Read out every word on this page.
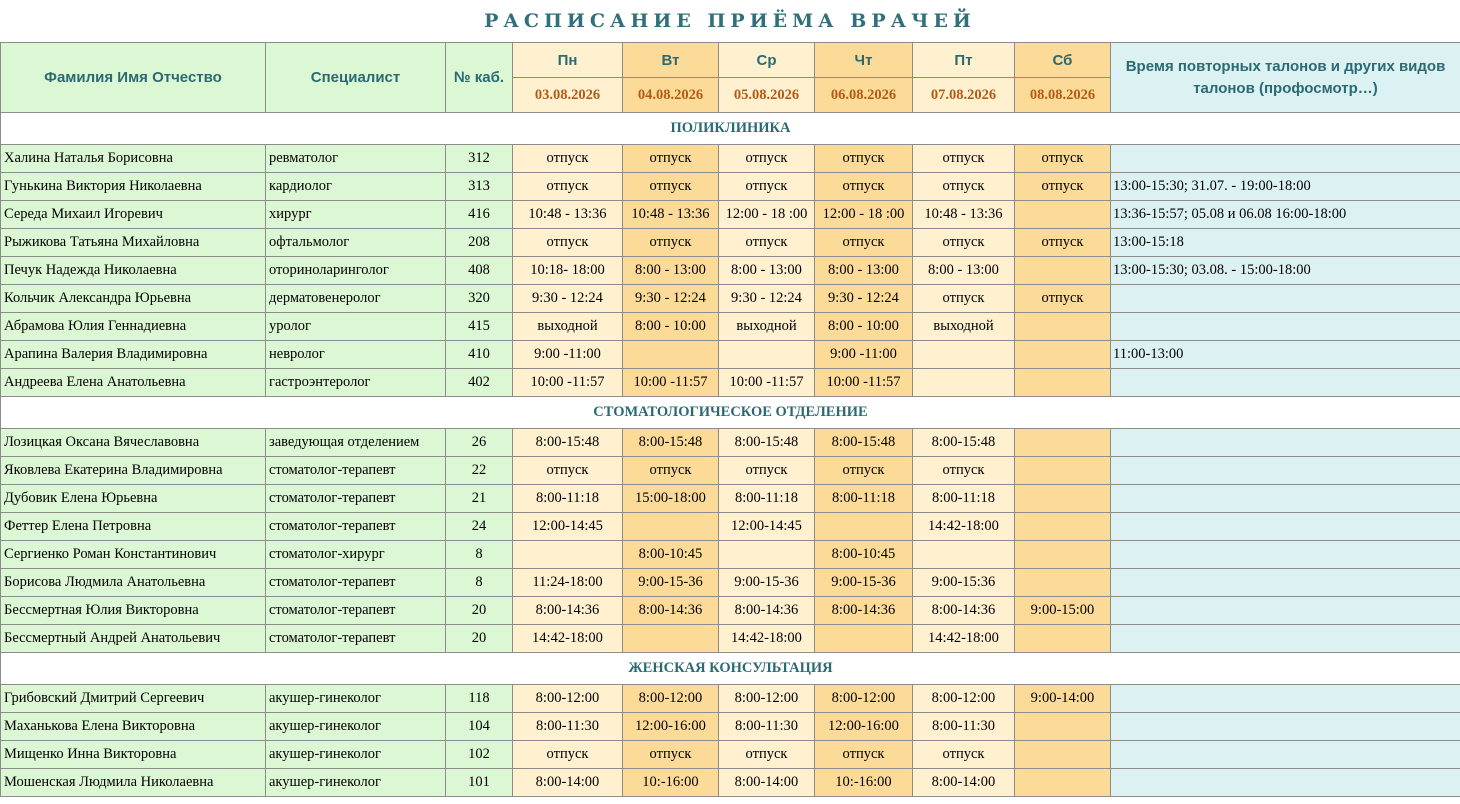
РАСПИСАНИЕ ПРИЁМА ВРАЧЕЙ
Фамилия Имя Отчество	Специалист	№ каб.	Пн	Вт	Ср	Чт	Пт	Сб	Время повторных талонов и других видов талонов (профосмотр…)
			03.08.2026	04.08.2026	05.08.2026	06.08.2026	07.08.2026	08.08.2026	
ПОЛИКЛИНИКА									
Халина Наталья Борисовна	ревматолог	312	отпуск	отпуск	отпуск	отпуск	отпуск	отпуск	
Гунькина Виктория Николаевна	кардиолог	313	отпуск	отпуск	отпуск	отпуск	отпуск	отпуск	13:00-15:30; 31.07. - 19:00-18:00
Середа Михаил Игоревич	хирург	416	10:48 - 13:36	10:48 - 13:36	12:00 - 18 :00	12:00 - 18 :00	10:48 - 13:36		13:36-15:57; 05.08 и 06.08 16:00-18:00
Рыжикова Татьяна Михайловна	офтальмолог	208	отпуск	отпуск	отпуск	отпуск	отпуск	отпуск	13:00-15:18
Печук Надежда Николаевна	оториноларинголог	408	10:18- 18:00	8:00 - 13:00	8:00 - 13:00	8:00 - 13:00	8:00 - 13:00		13:00-15:30; 03.08. - 15:00-18:00
Кольчик Александра Юрьевна	дерматовенеролог	320	9:30 - 12:24	9:30 - 12:24	9:30 - 12:24	9:30 - 12:24	отпуск	отпуск	
Абрамова Юлия Геннадиевна	уролог	415	выходной	8:00 - 10:00	выходной	8:00 - 10:00	выходной		
Арапина Валерия Владимировна	невролог	410	9:00 -11:00			9:00 -11:00			11:00-13:00
Андреева Елена Анатольевна	гастроэнтеролог	402	10:00 -11:57	10:00 -11:57	10:00 -11:57	10:00 -11:57			
СТОМАТОЛОГИЧЕСКОЕ ОТДЕЛЕНИЕ									
Лозицкая Оксана Вячеславовна	заведующая отделением	26	8:00-15:48	8:00-15:48	8:00-15:48	8:00-15:48	8:00-15:48		
Яковлева Екатерина Владимировна	стоматолог-терапевт	22	отпуск	отпуск	отпуск	отпуск	отпуск		
Дубовик Елена Юрьевна	стоматолог-терапевт	21	8:00-11:18	15:00-18:00	8:00-11:18	8:00-11:18	8:00-11:18		
Феттер Елена Петровна	стоматолог-терапевт	24	12:00-14:45		12:00-14:45		14:42-18:00		
Сергиенко Роман Константинович	стоматолог-хирург	8		8:00-10:45		8:00-10:45			
Борисова Людмила Анатольевна	стоматолог-терапевт	8	11:24-18:00	9:00-15-36	9:00-15-36	9:00-15-36	9:00-15:36		
Бессмертная Юлия Викторовна	стоматолог-терапевт	20	8:00-14:36	8:00-14:36	8:00-14:36	8:00-14:36	8:00-14:36	9:00-15:00	
Бессмертный Андрей Анатольевич	стоматолог-терапевт	20	14:42-18:00		14:42-18:00		14:42-18:00		
ЖЕНСКАЯ КОНСУЛЬТАЦИЯ									
Грибовский Дмитрий Сергеевич	акушер-гинеколог	118	8:00-12:00	8:00-12:00	8:00-12:00	8:00-12:00	8:00-12:00	9:00-14:00	
Маханькова Елена Викторовна	акушер-гинеколог	104	8:00-11:30	12:00-16:00	8:00-11:30	12:00-16:00	8:00-11:30		
Мищенко Инна Викторовна	акушер-гинеколог	102	отпуск	отпуск	отпуск	отпуск	отпуск		
Мошенская Людмила Николаевна	акушер-гинеколог	101	8:00-14:00	10:-16:00	8:00-14:00	10:-16:00	8:00-14:00		
